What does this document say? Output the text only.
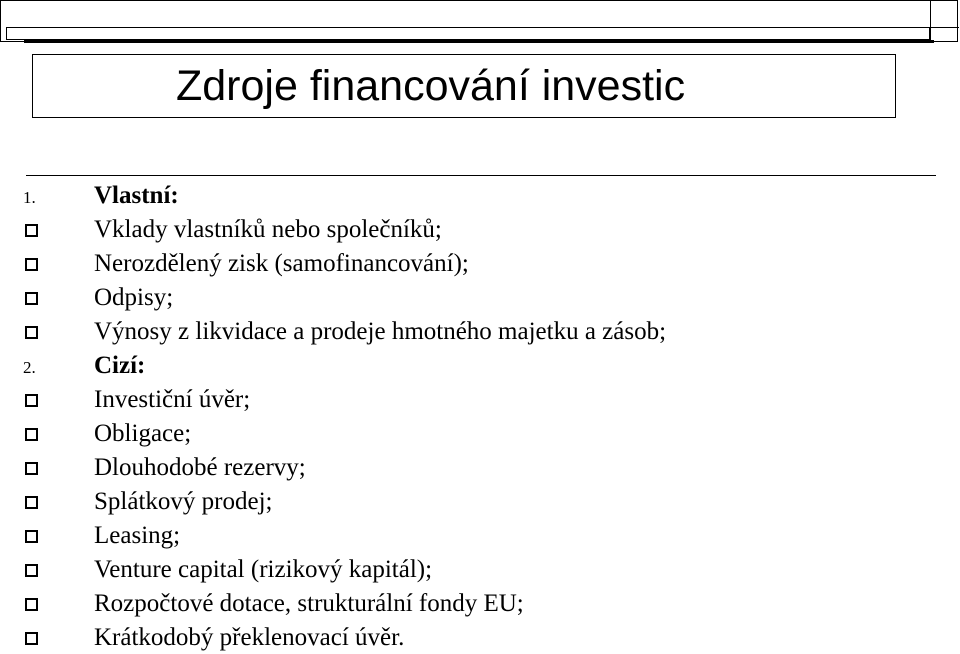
Zdroje financování investic
1. Vlastní:
Vklady vlastníků nebo společníků;
Nerozdělený zisk (samofinancování);
Odpisy;
Výnosy z likvidace a prodeje hmotného majetku a zásob;
2. Cizí:
Investiční úvěr;
Obligace;
Dlouhodobé rezervy;
Splátkový prodej;
Leasing;
Venture capital (rizikový kapitál);
Rozpočtové dotace, strukturální fondy EU;
Krátkodobý překlenovací úvěr.
